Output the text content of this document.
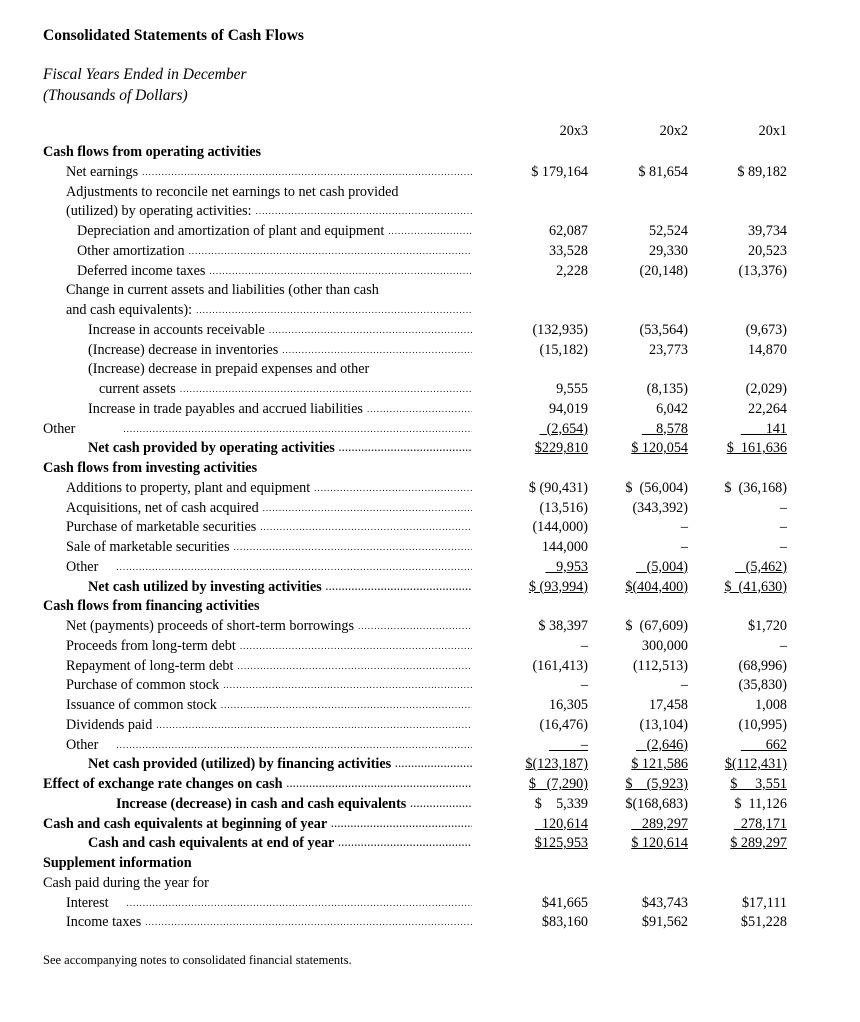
Consolidated Statements of Cash Flows
Fiscal Years Ended in December
(Thousands of Dollars)
20x3	20x2	20x1
Cash flows from operating activities
Net earnings .....	$ 179,164	$ 81,654	$ 89,182
Adjustments to reconcile net earnings to net cash provided
(utilized) by operating activities:
.....
Depreciation and amortization of plant and equipment .....	62,087	52,524	39,734
Other amortization .....	33,528	29,330	20,523
Deferred income taxes .....	2,228	(20,148)	(13,376)
Change in current assets and liabilities (other than cash
and cash equivalents):
.....
Increase in accounts receivable .....	(132,935)	(53,564)	(9,673)
(Increase) decrease in inventories .....	(15,182)	23,773	14,870
(Increase) decrease in prepaid expenses and other
current assets .....	9,555	(8,135)	(2,029)
Increase in trade payables and accrued liabilities .....	94,019	6,042	22,264
Other .....	(2,654)	8,578	141
Net cash provided by operating activities .....	$229,810	$ 120,054	$  161,636
Cash flows from investing activities
Additions to property, plant and equipment .....	$ (90,431)	$  (56,004)	$  (36,168)
Acquisitions, net of cash acquired .....	(13,516)	(343,392)	–
Purchase of marketable securities .....	(144,000)	–	–
Sale of marketable securities .....	144,000	–	–
Other .....	9,953	(5,004)	(5,462)
Net cash utilized by investing activities .....	$ (93,994)	$(404,400)	$  (41,630)
Cash flows from financing activities
Net (payments) proceeds of short-term borrowings .....	$ 38,397	$  (67,609)	$1,720
Proceeds from long-term debt .....	–	300,000	–
Repayment of long-term debt .....	(161,413)	(112,513)	(68,996)
Purchase of common stock .....	–	–	(35,830)
Issuance of common stock .....	16,305	17,458	1,008
Dividends paid .....	(16,476)	(13,104)	(10,995)
Other .....	–	(2,646)	662
Net cash provided (utilized) by financing activities .....	$(123,187)	$ 121,586	$(112,431)
Effect of exchange rate changes on cash .....	$   (7,290)	$    (5,923)	$     3,551
Increase (decrease) in cash and cash equivalents .....	$    5,339	$(168,683)	$  11,126
Cash and cash equivalents at beginning of year .....	120,614	289,297	278,171
Cash and cash equivalents at end of year .....	$125,953	$ 120,614	$ 289,297
Supplement information
Cash paid during the year for
Interest .....	$41,665	$43,743	$17,111
Income taxes .....	$83,160	$91,562	$51,228
See accompanying notes to consolidated financial statements.
